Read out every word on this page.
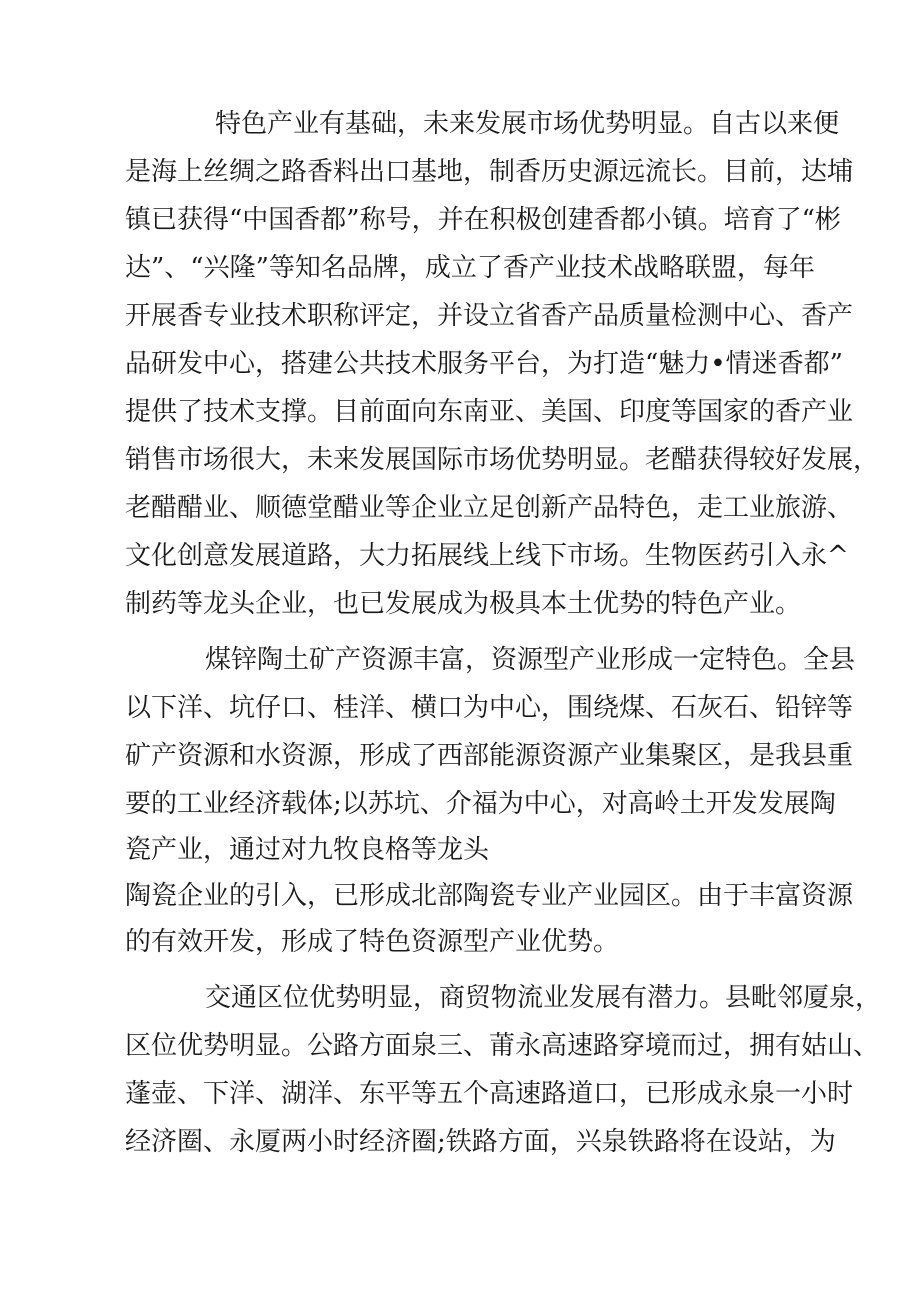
特色产业有基础，未来发展市场优势明显。自古以来便
是海上丝绸之路香料出口基地，制香历史源远流长。目前，达埔
镇已获得“中国香都”称号，并在积极创建香都小镇。培育了“彬
达”、“兴隆”等知名品牌，成立了香产业技术战略联盟，每年
开展香专业技术职称评定，并设立省香产品质量检测中心、香产
品研发中心，搭建公共技术服务平台，为打造“魅力•情迷香都”
提供了技术支撑。目前面向东南亚、美国、印度等国家的香产业
销售市场很大，未来发展国际市场优势明显。老醋获得较好发展，
老醋醋业、顺德堂醋业等企业立足创新产品特色，走工业旅游、
文化创意发展道路，大力拓展线上线下市场。生物医药引入永^
制药等龙头企业，也已发展成为极具本土优势的特色产业。
煤锌陶土矿产资源丰富，资源型产业形成一定特色。全县
以下洋、坑仔口、桂洋、横口为中心，围绕煤、石灰石、铅锌等
矿产资源和水资源，形成了西部能源资源产业集聚区，是我县重
要的工业经济载体;以苏坑、介福为中心，对高岭土开发发展陶
瓷产业，通过对九牧良格等龙头
陶瓷企业的引入，已形成北部陶瓷专业产业园区。由于丰富资源
的有效开发，形成了特色资源型产业优势。
交通区位优势明显，商贸物流业发展有潜力。县毗邻厦泉，
区位优势明显。公路方面泉三、莆永高速路穿境而过，拥有姑山、
蓬壶、下洋、湖洋、东平等五个高速路道口，已形成永泉一小时
经济圈、永厦两小时经济圈;铁路方面，兴泉铁路将在设站，为
